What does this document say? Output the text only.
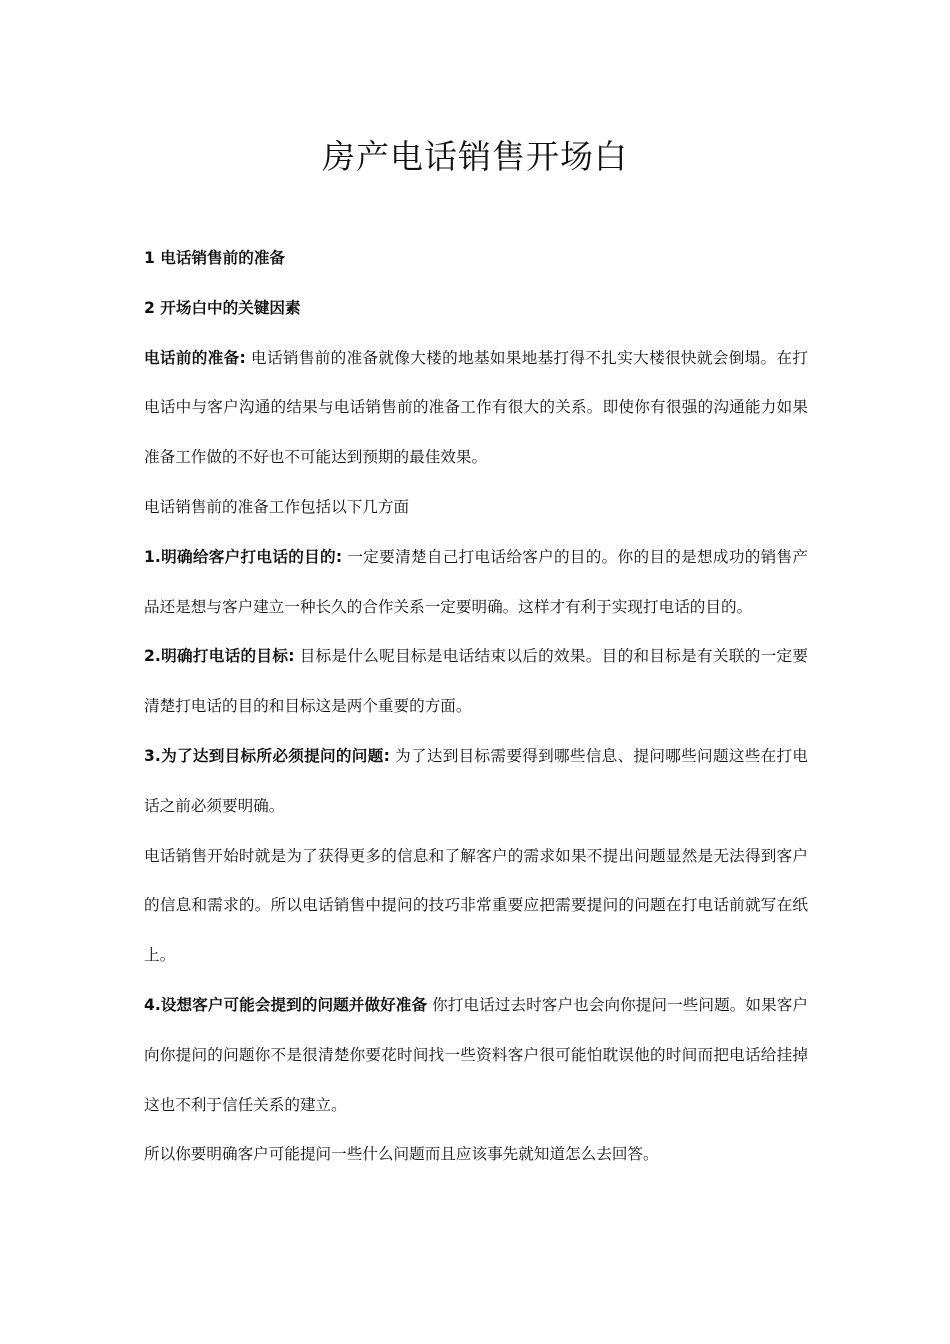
房产电话销售开场白

1 电话销售前的准备

2 开场白中的关键因素

电话前的准备: 电话销售前的准备就像大楼的地基如果地基打得不扎实大楼很快就会倒塌。在打电话中与客户沟通的结果与电话销售前的准备工作有很大的关系。即使你有很强的沟通能力如果准备工作做的不好也不可能达到预期的最佳效果。

电话销售前的准备工作包括以下几方面

1.明确给客户打电话的目的: 一定要清楚自己打电话给客户的目的。你的目的是想成功的销售产品还是想与客户建立一种长久的合作关系一定要明确。这样才有利于实现打电话的目的。

2.明确打电话的目标: 目标是什么呢目标是电话结束以后的效果。目的和目标是有关联的一定要清楚打电话的目的和目标这是两个重要的方面。

3.为了达到目标所必须提问的问题: 为了达到目标需要得到哪些信息、提问哪些问题这些在打电话之前必须要明确。

电话销售开始时就是为了获得更多的信息和了解客户的需求如果不提出问题显然是无法得到客户的信息和需求的。所以电话销售中提问的技巧非常重要应把需要提问的问题在打电话前就写在纸上。

4.设想客户可能会提到的问题并做好准备 你打电话过去时客户也会向你提问一些问题。如果客户向你提问的问题你不是很清楚你要花时间找一些资料客户很可能怕耽误他的时间而把电话给挂掉这也不利于信任关系的建立。

所以你要明确客户可能提问一些什么问题而且应该事先就知道怎么去回答。
